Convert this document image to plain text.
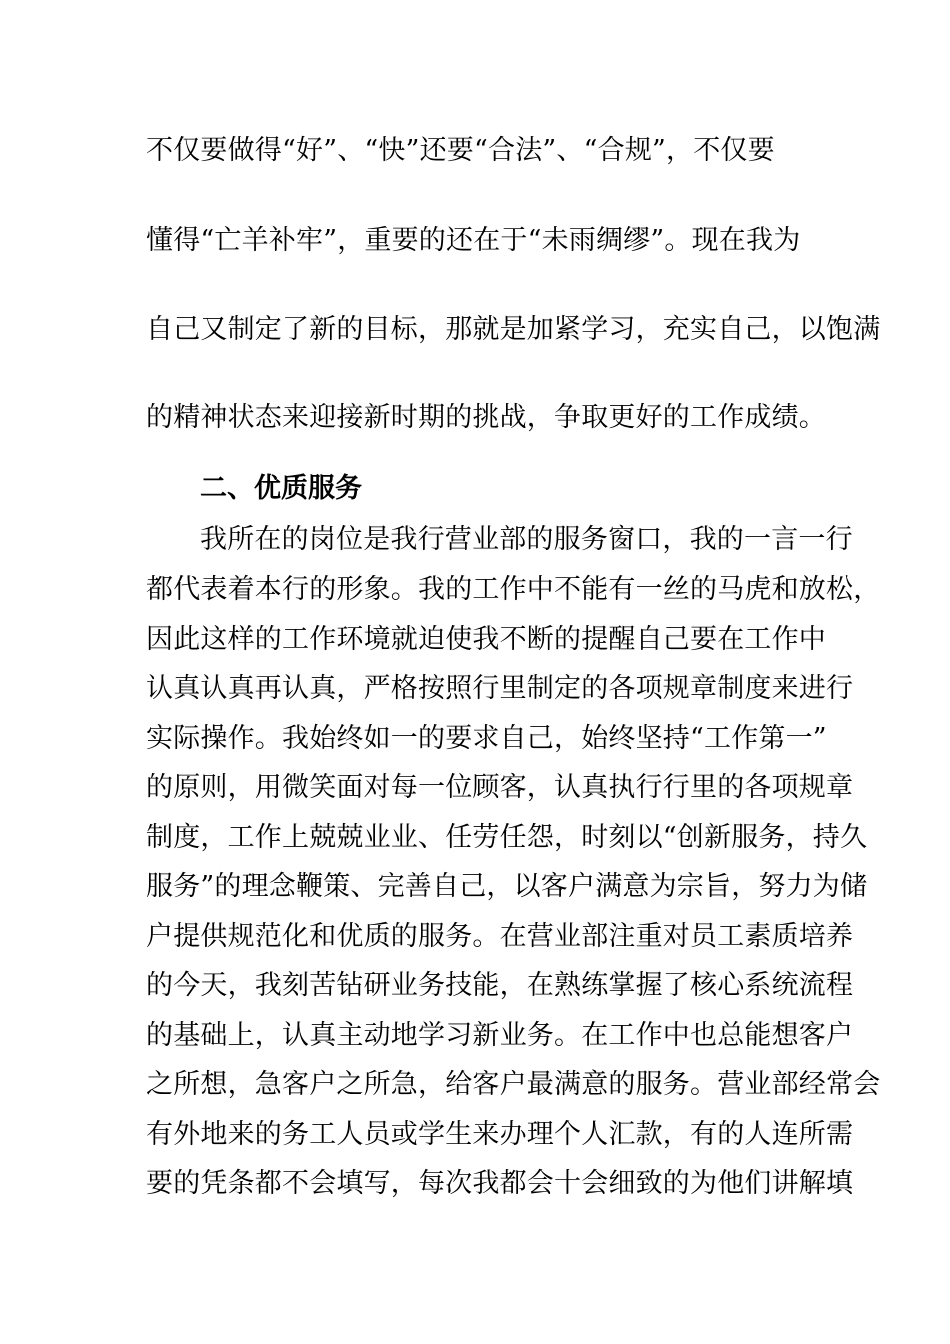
不仅要做得“好”、“快”还要“合法”、“合规”，不仅要
懂得“亡羊补牢”，重要的还在于“未雨绸缪”。现在我为
自己又制定了新的目标，那就是加紧学习，充实自己，以饱满
的精神状态来迎接新时期的挑战，争取更好的工作成绩。
二、优质服务
我所在的岗位是我行营业部的服务窗口，我的一言一行
都代表着本行的形象。我的工作中不能有一丝的马虎和放松，
因此这样的工作环境就迫使我不断的提醒自己要在工作中
认真认真再认真，严格按照行里制定的各项规章制度来进行
实际操作。我始终如一的要求自己，始终坚持“工作第一”
的原则，用微笑面对每一位顾客，认真执行行里的各项规章
制度，工作上兢兢业业、任劳任怨，时刻以“创新服务，持久
服务”的理念鞭策、完善自己，以客户满意为宗旨，努力为储
户提供规范化和优质的服务。在营业部注重对员工素质培养
的今天，我刻苦钻研业务技能，在熟练掌握了核心系统流程
的基础上，认真主动地学习新业务。在工作中也总能想客户
之所想，急客户之所急，给客户最满意的服务。营业部经常会
有外地来的务工人员或学生来办理个人汇款，有的人连所需
要的凭条都不会填写，每次我都会十会细致的为他们讲解填
